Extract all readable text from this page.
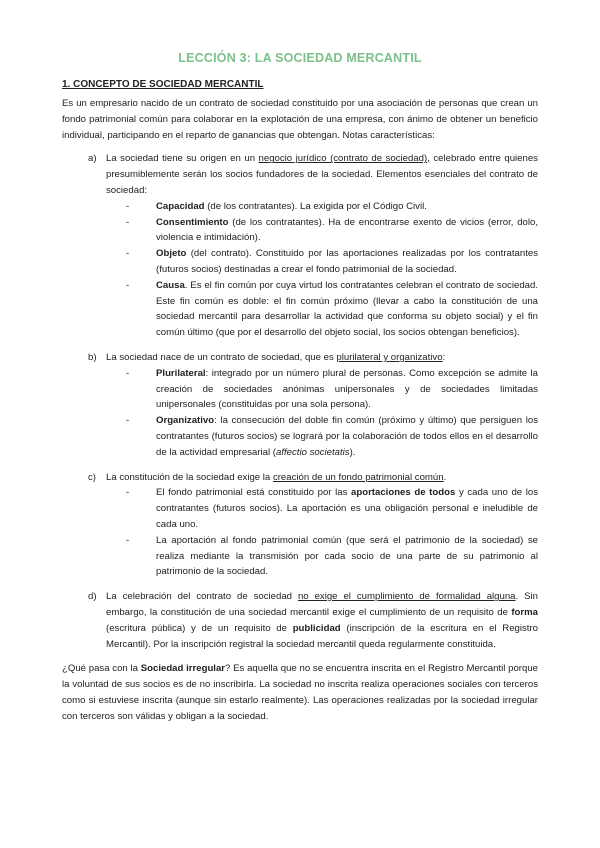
LECCIÓN 3: LA SOCIEDAD MERCANTIL
1. CONCEPTO DE SOCIEDAD MERCANTIL

Es un empresario nacido de un contrato de sociedad constituido por una asociación de personas que crean un fondo patrimonial común para colaborar en la explotación de una empresa, con ánimo de obtener un beneficio individual, participando en el reparto de ganancias que obtengan. Notas características:

a) La sociedad tiene su origen en un negocio jurídico (contrato de sociedad), celebrado entre quienes presumiblemente serán los socios fundadores de la sociedad. Elementos esenciales del contrato de sociedad:
-	Capacidad (de los contratantes). La exigida por el Código Civil.
-	Consentimiento (de los contratantes). Ha de encontrarse exento de vicios (error, dolo, violencia e intimidación).
-	Objeto (del contrato). Constituido por las aportaciones realizadas por los contratantes (futuros socios) destinadas a crear el fondo patrimonial de la sociedad.
-	Causa. Es el fin común por cuya virtud los contratantes celebran el contrato de sociedad. Este fin común es doble: el fin común próximo (llevar a cabo la constitución de una sociedad mercantil para desarrollar la actividad que conforma su objeto social) y el fin común último (que por el desarrollo del objeto social, los socios obtengan beneficios).
b) La sociedad nace de un contrato de sociedad, que es plurilateral y organizativo:
-	Plurilateral: integrado por un número plural de personas. Como excepción se admite la creación de sociedades anónimas unipersonales y de sociedades limitadas unipersonales (constituidas por una sola persona).
-	Organizativo: la consecución del doble fin común (próximo y último) que persiguen los contratantes (futuros socios) se logrará por la colaboración de todos ellos en el desarrollo de la actividad empresarial (affectio societatis).
c) La constitución de la sociedad exige la creación de un fondo patrimonial común.
-	El fondo patrimonial está constituido por las aportaciones de todos y cada uno de los contratantes (futuros socios). La aportación es una obligación personal e ineludible de cada uno.
-	La aportación al fondo patrimonial común (que será el patrimonio de la sociedad) se realiza mediante la transmisión por cada socio de una parte de su patrimonio al patrimonio de la sociedad.
d) La celebración del contrato de sociedad no exige el cumplimiento de formalidad alguna. Sin embargo, la constitución de una sociedad mercantil exige el cumplimiento de un requisito de forma (escritura pública) y de un requisito de publicidad (inscripción de la escritura en el Registro Mercantil). Por la inscripción registral la sociedad mercantil queda regularmente constituida.

¿Qué pasa con la Sociedad irregular? Es aquella que no se encuentra inscrita en el Registro Mercantil porque la voluntad de sus socios es de no inscribirla. La sociedad no inscrita realiza operaciones sociales con terceros como si estuviese inscrita (aunque sin estarlo realmente). Las operaciones realizadas por la sociedad irregular con terceros son válidas y obligan a la sociedad.
